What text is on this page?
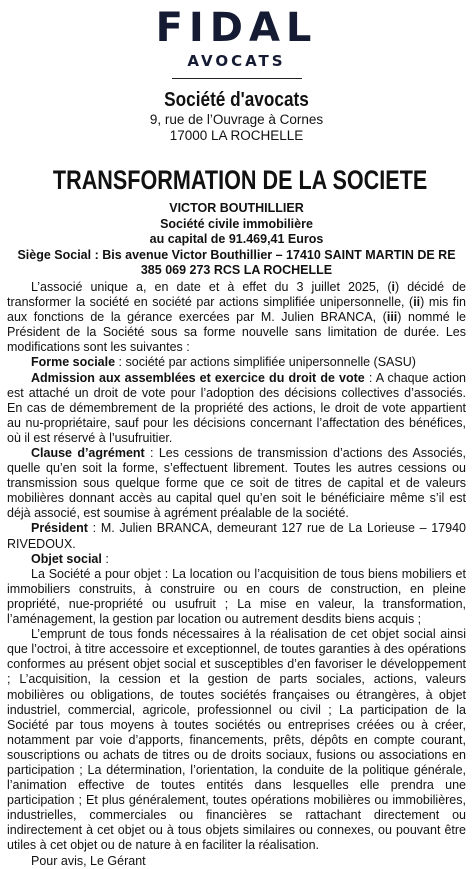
FIDAL
AVOCATS
Société d'avocats
9, rue de l’Ouvrage à Cornes
17000 LA ROCHELLE
TRANSFORMATION DE LA SOCIETE
VICTOR BOUTHILLIER
Société civile immobilière
au capital de 91.469,41 Euros
Siège Social : Bis avenue Victor Bouthillier – 17410 SAINT MARTIN DE RE
385 069 273 RCS LA ROCHELLE

L’associé unique a, en date et à effet du 3 juillet 2025, (i) décidé de transformer la société en société par actions simplifiée unipersonnelle, (ii) mis fin aux fonctions de la gérance exercées par M. Julien BRANCA, (iii) nommé le Président de la Société sous sa forme nouvelle sans limitation de durée. Les modifications sont les suivantes :

Forme sociale : société par actions simplifiée unipersonnelle (SASU)

Admission aux assemblées et exercice du droit de vote : A chaque action est attaché un droit de vote pour l’adoption des décisions collectives d’associés. En cas de démembrement de la propriété des actions, le droit de vote appartient au nu-propriétaire, sauf pour les décisions concernant l’affectation des bénéfices, où il est réservé à l’usufruitier.

Clause d’agrément : Les cessions de transmission d’actions des Associés, quelle qu’en soit la forme, s’effectuent librement. Toutes les autres cessions ou transmission sous quelque forme que ce soit de titres de capital et de valeurs mobilières donnant accès au capital quel qu’en soit le bénéficiaire même s’il est déjà associé, est soumise à agrément préalable de la société.

Président : M. Julien BRANCA, demeurant 127 rue de La Lorieuse – 17940 RIVEDOUX.

Objet social :

La Société a pour objet : La location ou l’acquisition de tous biens mobiliers et immobiliers construits, à construire ou en cours de construction, en pleine propriété, nue-propriété ou usufruit ; La mise en valeur, la transformation, l’aménagement, la gestion par location ou autrement desdits biens acquis ;

L’emprunt de tous fonds nécessaires à la réalisation de cet objet social ainsi que l’octroi, à titre accessoire et exceptionnel, de toutes garanties à des opérations conformes au présent objet social et susceptibles d’en favoriser le développement ; L’acquisition, la cession et la gestion de parts sociales, actions, valeurs mobilières ou obligations, de toutes sociétés françaises ou étrangères, à objet industriel, commercial, agricole, professionnel ou civil ; La participation de la Société par tous moyens à toutes sociétés ou entreprises créées ou à créer, notamment par voie d’apports, financements, prêts, dépôts en compte courant, souscriptions ou achats de titres ou de droits sociaux, fusions ou associations en participation ; La détermination, l’orientation, la conduite de la politique générale, l’animation effective de toutes entités dans lesquelles elle prendra une participation ; Et plus généralement, toutes opérations mobilières ou immobilières, industrielles, commerciales ou financières se rattachant directement ou indirectement à cet objet ou à tous objets similaires ou connexes, ou pouvant être utiles à cet objet ou de nature à en faciliter la réalisation.

Pour avis, Le Gérant
